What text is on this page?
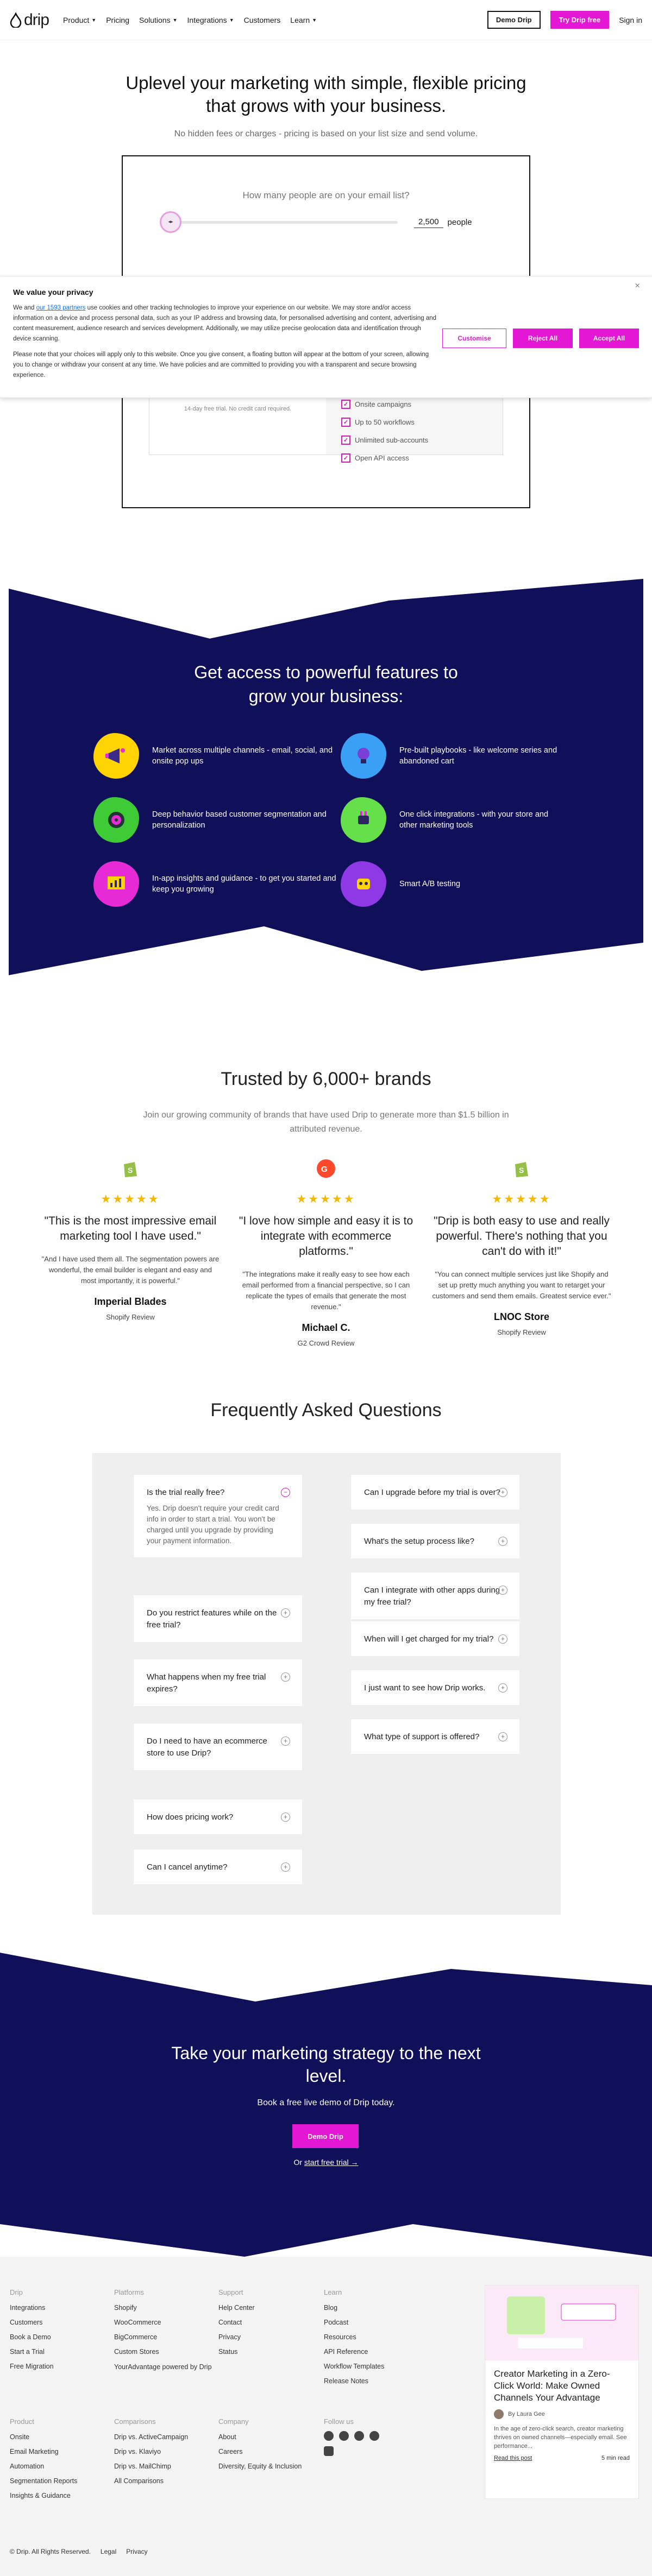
drip Product ▼ Pricing Solutions ▼ Integrations ▼ Customers Learn ▼	Demo Drip	Try Drip free	Sign in
Uplevel your marketing with simple, flexible pricing that grows with your business.

No hidden fees or charges - pricing is based on your list size and send volume.

How many people are on your email list?
◂▸	2,500	people
14-day free trial. No credit card required.
✓ Onsite campaigns
✓ Up to 50 workflows
✓ Unlimited sub-accounts
✓ Open API access
We value your privacy

We and our 1593 partners use cookies and other tracking technologies to improve your experience on our website. We may store and/or access information on a device and process personal data, such as your IP address and browsing data, for personalised advertising and content, advertising and content measurement, audience research and services development. Additionally, we may utilize precise geolocation data and identification through device scanning.

Please note that your choices will apply only to this website. Once you give consent, a floating button will appear at the bottom of your screen, allowing you to change or withdraw your consent at any time. We have policies and are committed to providing you with a transparent and secure browsing experience.

Customise	Reject All	Accept All
×
Get access to powerful features to grow your business:
Market across multiple channels - email, social, and onsite pop ups
Pre-built playbooks - like welcome series and abandoned cart
Deep behavior based customer segmentation and personalization
One click integrations - with your store and other marketing tools
In-app insights and guidance - to get you started and keep you growing
Smart A/B testing
Trusted by 6,000+ brands

Join our growing community of brands that have used Drip to generate more than $1.5 billion in attributed revenue.

S
★★★★★
"This is the most impressive email marketing tool I have used."
"And I have used them all. The segmentation powers are wonderful, the email builder is elegant and easy and most importantly, it is powerful."
Imperial Blades
Shopify Review
G
★★★★★
"I love how simple and easy it is to integrate with ecommerce platforms."
"The integrations make it really easy to see how each email performed from a financial perspective, so I can replicate the types of emails that generate the most revenue."
Michael C.
G2 Crowd Review
S
★★★★★
"Drip is both easy to use and really powerful. There's nothing that you can't do with it!"
"You can connect multiple services just like Shopify and set up pretty much anything you want to retarget your customers and send them emails. Greatest service ever."
LNOC Store
Shopify Review
Frequently Asked Questions
Is the trial really free?	−
Yes. Drip doesn't require your credit card info in order to start a trial. You won't be charged until you upgrade by providing your payment information.
Do you restrict features while on the free trial?
+
What happens when my free trial expires?
+
Do I need to have an ecommerce store to use Drip?
+
How does pricing work?	+
Can I cancel anytime?	+
Can I upgrade before my trial is over? +
What's the setup process like?	+
Can I integrate with other apps during my free trial?
+
When will I get charged for my trial?	+
I just want to see how Drip works.	+
What type of support is offered?	+
Take your marketing strategy to the next level.

Book a free live demo of Drip today.

Demo Drip
Or start free trial →
Drip
Integrations
Customers
Book a Demo
Start a Trial
Free Migration
Platforms
Shopify
WooCommerce
BigCommerce
Custom Stores
YourAdvantage powered by Drip
Support
Help Center
Contact
Privacy
Status
Learn
Blog
Podcast
Resources
API Reference
Workflow Templates
Release Notes
Product
Onsite
Email Marketing
Automation
Segmentation Reports
Insights & Guidance
Comparisons
Drip vs. ActiveCampaign
Drip vs. Klaviyo
Drip vs. MailChimp
All Comparisons
Company
About
Careers
Diversity, Equity & Inclusion
Follow us
Creator Marketing in a Zero-Click World: Make Owned Channels Your Advantage
By Laura Gee
In the age of zero-click search, creator marketing thrives on owned channels—especially email. See performance...
Read this post	5 min read
© Drip. All Rights Reserved. Legal Privacy
